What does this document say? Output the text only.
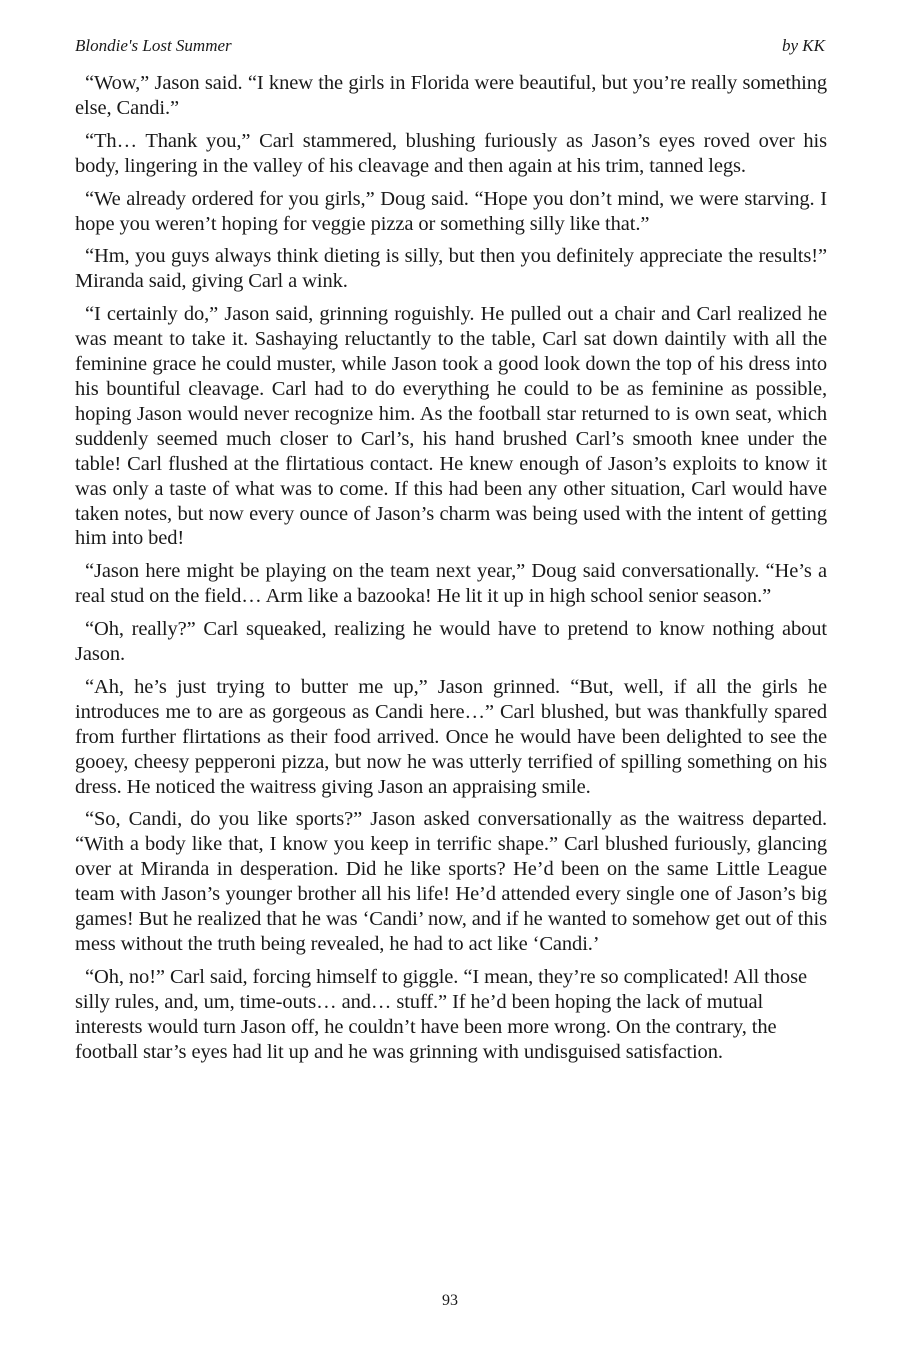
Blondie's Lost Summer	by KK

“Wow,” Jason said. “I knew the girls in Florida were beautiful, but you’re really something else, Candi.”

“Th… Thank you,” Carl stammered, blushing furiously as Jason’s eyes roved over his body, lingering in the valley of his cleavage and then again at his trim, tanned legs.

“We already ordered for you girls,” Doug said. “Hope you don’t mind, we were starving. I hope you weren’t hoping for veggie pizza or something silly like that.”

“Hm, you guys always think dieting is silly, but then you definitely appreciate the results!” Miranda said, giving Carl a wink.

“I certainly do,” Jason said, grinning roguishly. He pulled out a chair and Carl realized he was meant to take it. Sashaying reluctantly to the table, Carl sat down daintily with all the feminine grace he could muster, while Jason took a good look down the top of his dress into his bountiful cleavage. Carl had to do everything he could to be as feminine as possible, hoping Jason would never recognize him. As the football star returned to is own seat, which suddenly seemed much closer to Carl’s, his hand brushed Carl’s smooth knee under the table! Carl flushed at the flirtatious contact. He knew enough of Jason’s exploits to know it was only a taste of what was to come. If this had been any other situation, Carl would have taken notes, but now every ounce of Jason’s charm was being used with the intent of getting him into bed!

“Jason here might be playing on the team next year,” Doug said conversationally. “He’s a real stud on the field… Arm like a bazooka! He lit it up in high school senior season.”

“Oh, really?” Carl squeaked, realizing he would have to pretend to know nothing about Jason.

“Ah, he’s just trying to butter me up,” Jason grinned. “But, well, if all the girls he introduces me to are as gorgeous as Candi here…” Carl blushed, but was thankfully spared from further flirtations as their food arrived. Once he would have been delighted to see the gooey, cheesy pepperoni pizza, but now he was utterly terrified of spilling something on his dress. He noticed the waitress giving Jason an appraising smile.

“So, Candi, do you like sports?” Jason asked conversationally as the waitress departed. “With a body like that, I know you keep in terrific shape.” Carl blushed furiously, glancing over at Miranda in desperation. Did he like sports? He’d been on the same Little League team with Jason’s younger brother all his life! He’d attended every single one of Jason’s big games! But he realized that he was ‘Candi’ now, and if he wanted to somehow get out of this mess without the truth being revealed, he had to act like ‘Candi.’

“Oh, no!” Carl said, forcing himself to giggle. “I mean, they’re so complicated! All those silly rules, and, um, time-outs… and… stuff.” If he’d been hoping the lack of mutual interests would turn Jason off, he couldn’t have been more wrong. On the contrary, the football star’s eyes had lit up and he was grinning with undisguised satisfaction.

93
